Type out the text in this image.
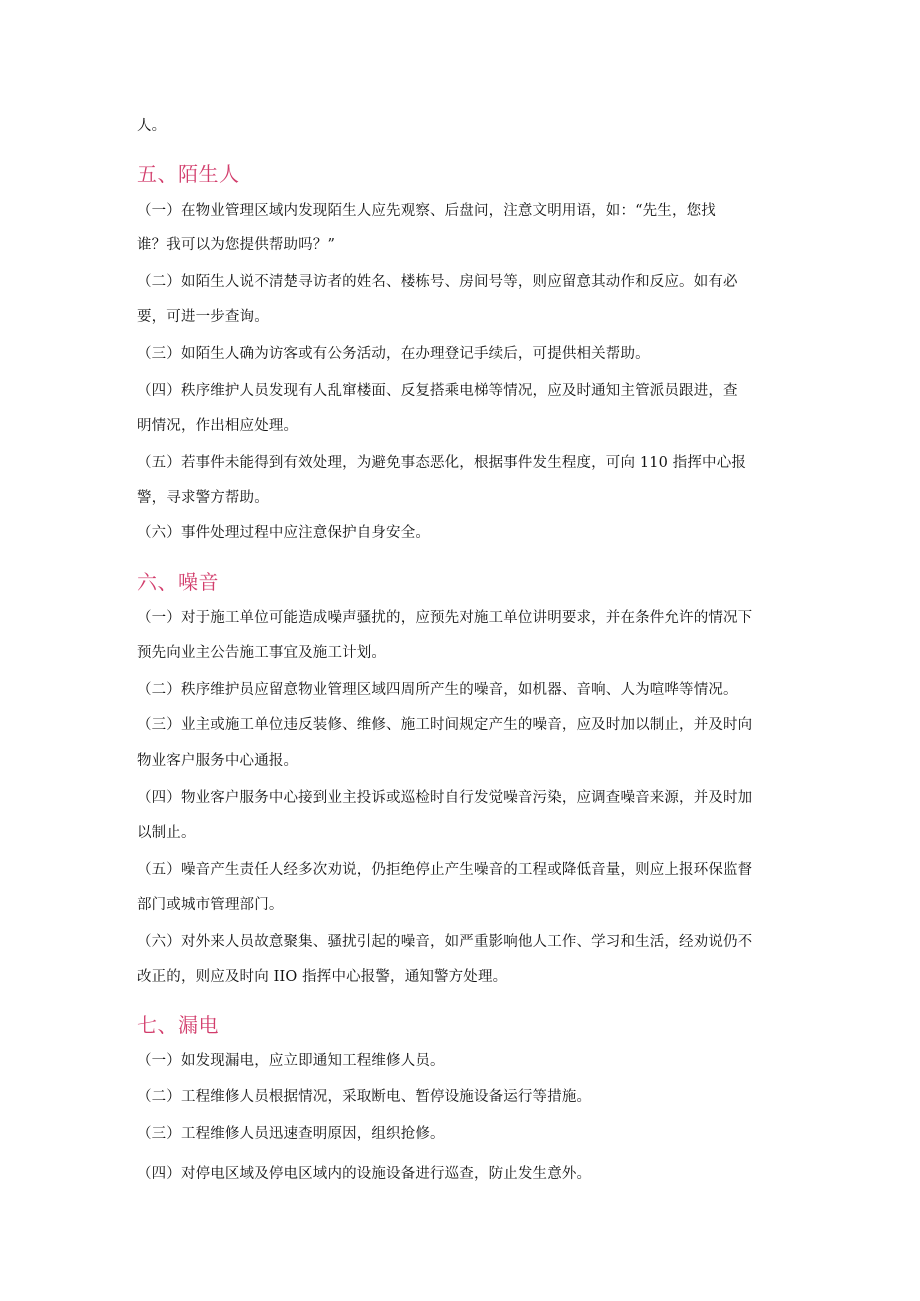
人。
五、陌生人
（一）在物业管理区域内发现陌生人应先观察、后盘问，注意文明用语，如：“先生，您找
谁？我可以为您提供帮助吗？”
（二）如陌生人说不清楚寻访者的姓名、楼栋号、房间号等，则应留意其动作和反应。如有必
要，可进一步查询。
（三）如陌生人确为访客或有公务活动，在办理登记手续后，可提供相关帮助。
（四）秩序维护人员发现有人乱窜楼面、反复搭乘电梯等情况，应及时通知主管派员跟进，查
明情况，作出相应处理。
（五）若事件未能得到有效处理，为避免事态恶化，根据事件发生程度，可向 110 指挥中心报
警，寻求警方帮助。
（六）事件处理过程中应注意保护自身安全。
六、噪音
（一）对于施工单位可能造成噪声骚扰的，应预先对施工单位讲明要求，并在条件允许的情况下
预先向业主公告施工事宜及施工计划。
（二）秩序维护员应留意物业管理区域四周所产生的噪音，如机器、音响、人为喧哗等情况。
（三）业主或施工单位违反装修、维修、施工时间规定产生的噪音，应及时加以制止，并及时向
物业客户服务中心通报。
（四）物业客户服务中心接到业主投诉或巡检时自行发觉噪音污染，应调查噪音来源，并及时加
以制止。
（五）噪音产生责任人经多次劝说，仍拒绝停止产生噪音的工程或降低音量，则应上报环保监督
部门或城市管理部门。
（六）对外来人员故意聚集、骚扰引起的噪音，如严重影响他人工作、学习和生活，经劝说仍不
改正的，则应及时向 IIO 指挥中心报警，通知警方处理。
七、漏电
（一）如发现漏电，应立即通知工程维修人员。
（二）工程维修人员根据情况，采取断电、暂停设施设备运行等措施。
（三）工程维修人员迅速查明原因，组织抢修。
（四）对停电区域及停电区域内的设施设备进行巡查，防止发生意外。
